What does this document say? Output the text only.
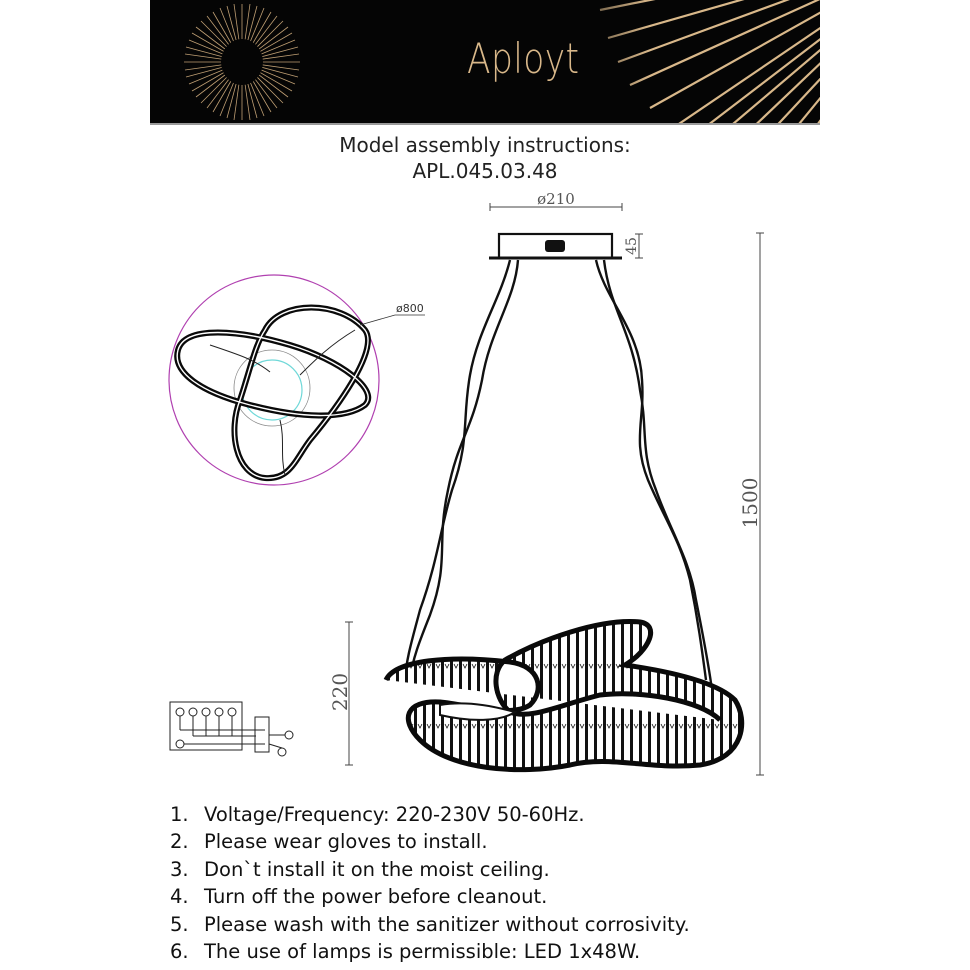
Aployt
Model assembly instructions:
APL.045.03.48
ø210
45
1500
220
ø800
1. Voltage/Frequency: 220-230V 50-60Hz.
2. Please wear gloves to install.
3. Don`t install it on the moist ceiling.
4. Turn off the power before cleanout.
5. Please wash with the sanitizer without corrosivity.
6. The use of lamps is permissible: LED 1x48W.
